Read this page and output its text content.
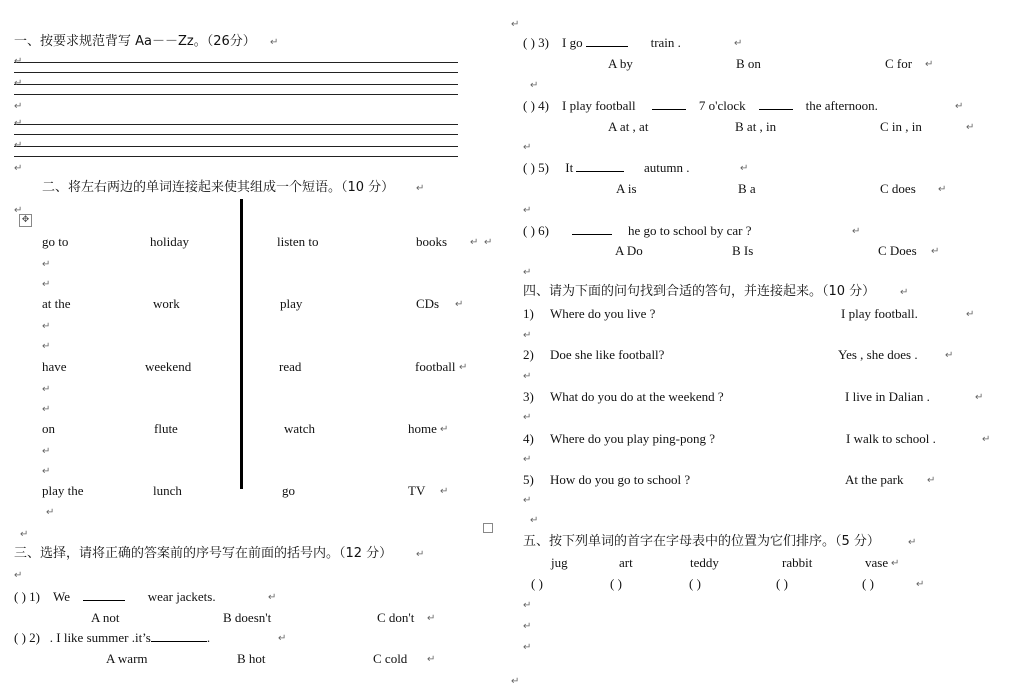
一、按要求规范背写 Aa－－Zz。（26分） ↵
↵
↵
↵
↵
↵
↵
二、将左右两边的单词连接起来使其组成一个短语。（10 分） ↵
↵
✥
go to	holiday	listen to	books ↵ ↵
↵
↵
at the	work	play	CDs ↵
↵
↵
have	weekend	read	football ↵
↵
↵
on	flute	watch	home ↵
↵
↵
play the	lunch	go	TV ↵
↵
↵
三、选择，请将正确的答案前的序号写在前面的括号内。（12 分） ↵
↵
( ) 1) We	wear jackets.	↵
A not	B doesn't	C don't ↵
( ) 2) . I like summer .it’s	.	↵
A warm	B hot	C cold ↵
↵
( ) 3) I go	train .	↵
A by	B on	C for ↵
↵
( ) 4) I play football	7 o'clock	the afternoon.	↵
A at , at	B at , in	C in , in	↵
↵
( ) 5) It	autumn .	↵
A is	B a	C does ↵
↵
( ) 6)	he go to school by car ?	↵
A Do	B Is	C Does ↵
↵
四、请为下面的问句找到合适的答句，并连接起来。（10 分） ↵
1) Where do you live ?	I play football.	↵
↵
2) Doe she like football?	Yes , she does .	↵
↵
3) What do you do at the weekend ?	I live in Dalian .	↵
↵
4) Where do you play ping-pong ?	I walk to school .	↵
↵
5) How do you go to school ?	At the park ↵
↵
↵
五、按下列单词的首字在字母表中的位置为它们排序。（5 分）	↵
jug	art	teddy	rabbit	vase ↵
( )	( )	( )	( )	( )	↵
↵
↵
↵
↵
